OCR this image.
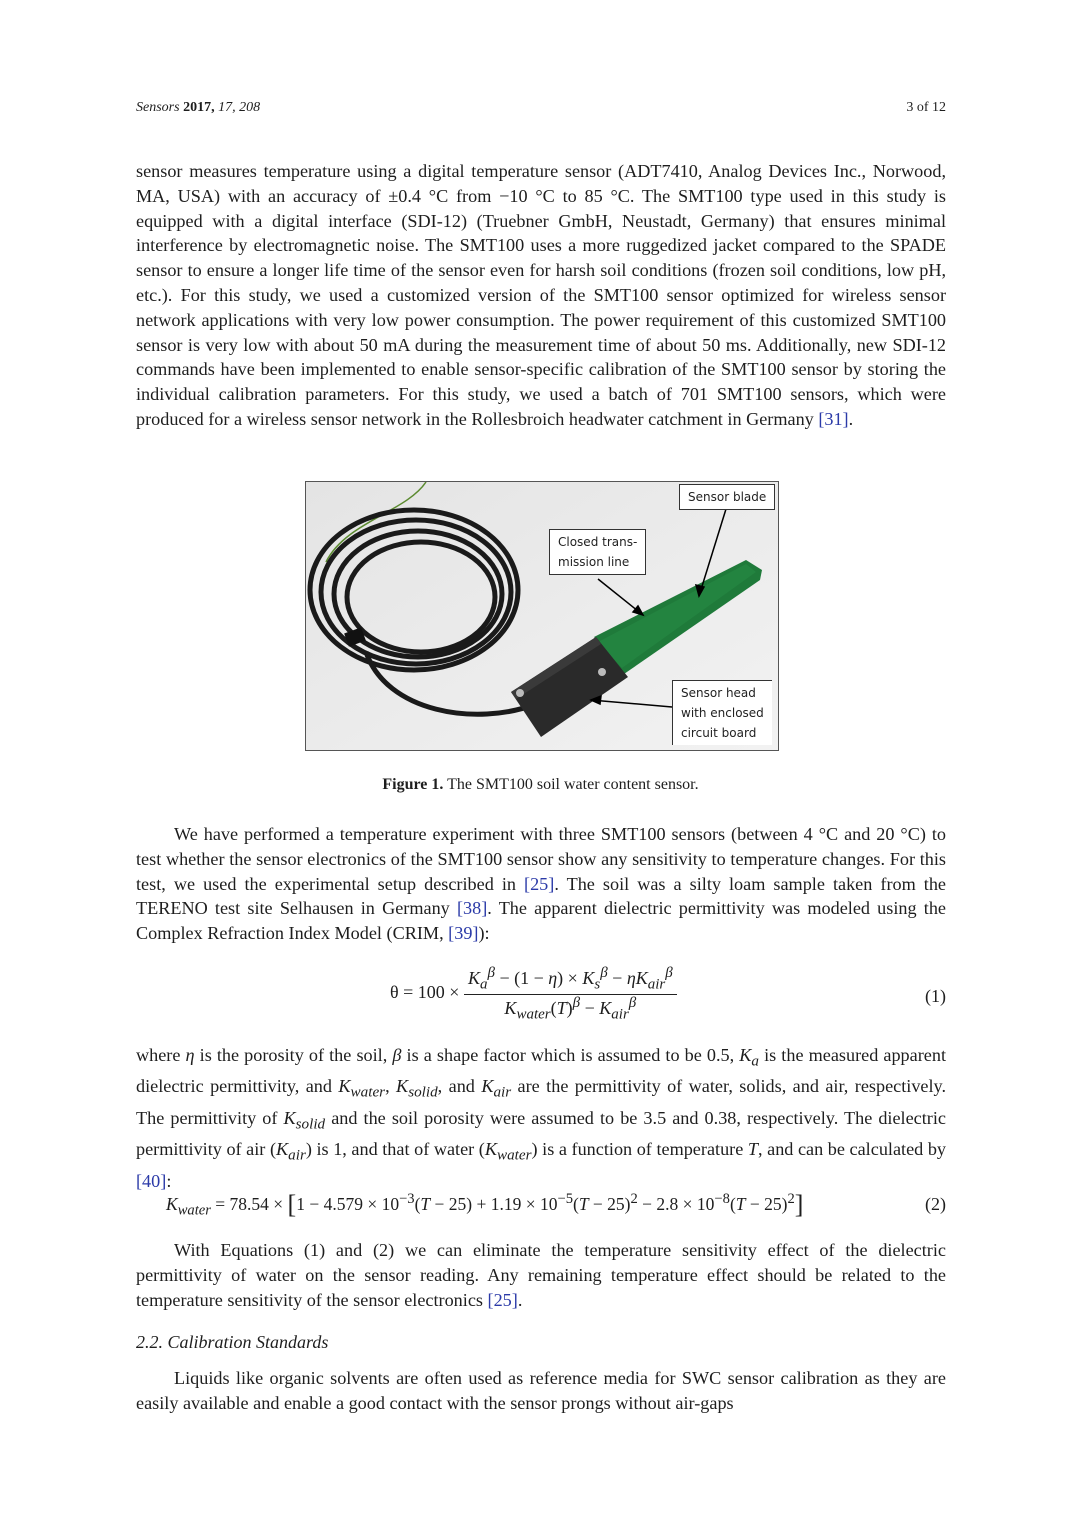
Sensors 2017, 17, 208	3 of 12
sensor measures temperature using a digital temperature sensor (ADT7410, Analog Devices Inc., Norwood, MA, USA) with an accuracy of ±0.4 °C from −10 °C to 85 °C. The SMT100 type used in this study is equipped with a digital interface (SDI-12) (Truebner GmbH, Neustadt, Germany) that ensures minimal interference by electromagnetic noise. The SMT100 uses a more ruggedized jacket compared to the SPADE sensor to ensure a longer life time of the sensor even for harsh soil conditions (frozen soil conditions, low pH, etc.). For this study, we used a customized version of the SMT100 sensor optimized for wireless sensor network applications with very low power consumption. The power requirement of this customized SMT100 sensor is very low with about 50 mA during the measurement time of about 50 ms. Additionally, new SDI-12 commands have been implemented to enable sensor-specific calibration of the SMT100 sensor by storing the individual calibration parameters. For this study, we used a batch of 701 SMT100 sensors, which were produced for a wireless sensor network in the Rollesbroich headwater catchment in Germany [31].
Sensor blade
Closed trans-
mission line
Sensor head
with enclosed
circuit board
Figure 1. The SMT100 soil water content sensor.
We have performed a temperature experiment with three SMT100 sensors (between 4 °C and 20 °C) to test whether the sensor electronics of the SMT100 sensor show any sensitivity to temperature changes. For this test, we used the experimental setup described in [25]. The soil was a silty loam sample taken from the TERENO test site Selhausen in Germany [38]. The apparent dielectric permittivity was modeled using the Complex Refraction Index Model (CRIM, [39]):
$\theta = 100 \times \frac{K_a^\beta - (1 - \eta) \times K_s^\beta - \eta K_{air}^\beta}{K_{water}(T)^\beta - K_{air}^\beta}$	(1)
where η is the porosity of the soil, β is a shape factor which is assumed to be 0.5, $K_a$ is the measured apparent dielectric permittivity, and $K_{water}$, $K_{solid}$, and $K_{air}$ are the permittivity of water, solids, and air, respectively. The permittivity of $K_{solid}$ and the soil porosity were assumed to be 3.5 and 0.38, respectively. The dielectric permittivity of air $(K_{air})$ is 1, and that of water $(K_{water})$ is a function of temperature T, and can be calculated by [40]:
$K_{water} = 78.54 \times [1 - 4.579 \times 10^{-3}(T - 25) + 1.19 \times 10^{-5}(T - 25)^2 - 2.8 \times 10^{-8}(T - 25)^2]$	(2)
With Equations (1) and (2) we can eliminate the temperature sensitivity effect of the dielectric permittivity of water on the sensor reading. Any remaining temperature effect should be related to the temperature sensitivity of the sensor electronics [25].
2.2. Calibration Standards
Liquids like organic solvents are often used as reference media for SWC sensor calibration as they are easily available and enable a good contact with the sensor prongs without air-gaps
